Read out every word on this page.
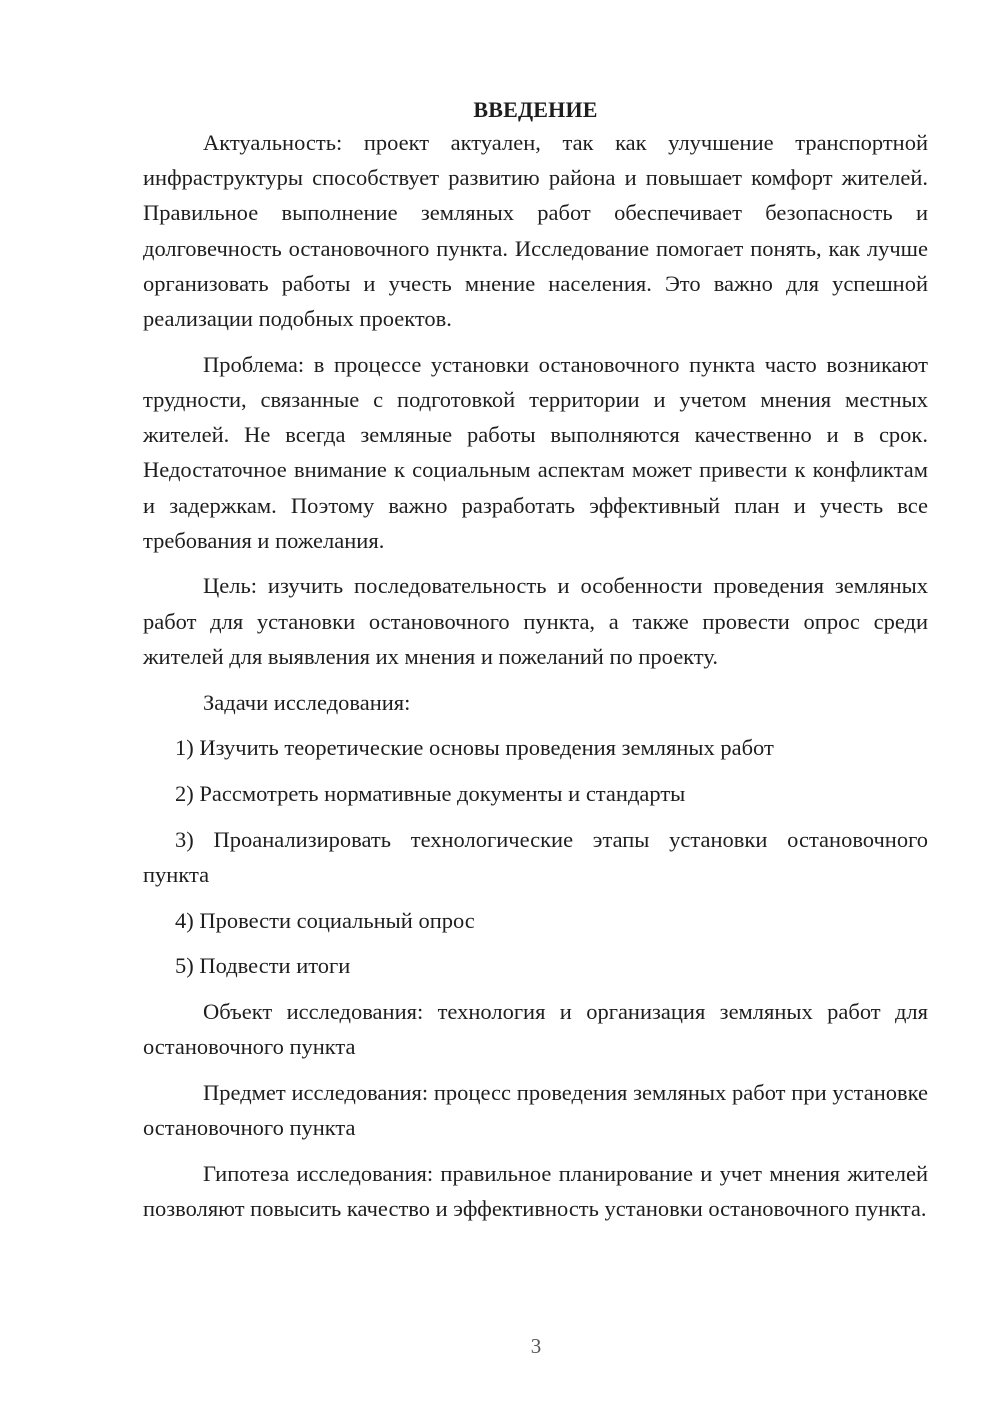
ВВЕДЕНИЕ

Актуальность: проект актуален, так как улучшение транспортной инфраструктуры способствует развитию района и повышает комфорт жителей. Правильное выполнение земляных работ обеспечивает безопасность и долговечность остановочного пункта. Исследование помогает понять, как лучше организовать работы и учесть мнение населения. Это важно для успешной реализации подобных проектов.

Проблема: в процессе установки остановочного пункта часто возникают трудности, связанные с подготовкой территории и учетом мнения местных жителей. Не всегда земляные работы выполняются качественно и в срок. Недостаточное внимание к социальным аспектам может привести к конфликтам и задержкам. Поэтому важно разработать эффективный план и учесть все требования и пожелания.

Цель: изучить последовательность и особенности проведения земляных работ для установки остановочного пункта, а также провести опрос среди жителей для выявления их мнения и пожеланий по проекту.

Задачи исследования:

1) Изучить теоретические основы проведения земляных работ

2) Рассмотреть нормативные документы и стандарты

3) Проанализировать технологические этапы установки остановочного пункта

4) Провести социальный опрос

5) Подвести итоги

Объект исследования: технология и организация земляных работ для остановочного пункта

Предмет исследования: процесс проведения земляных работ при установке остановочного пункта

Гипотеза исследования: правильное планирование и учет мнения жителей позволяют повысить качество и эффективность установки остановочного пункта.

3
